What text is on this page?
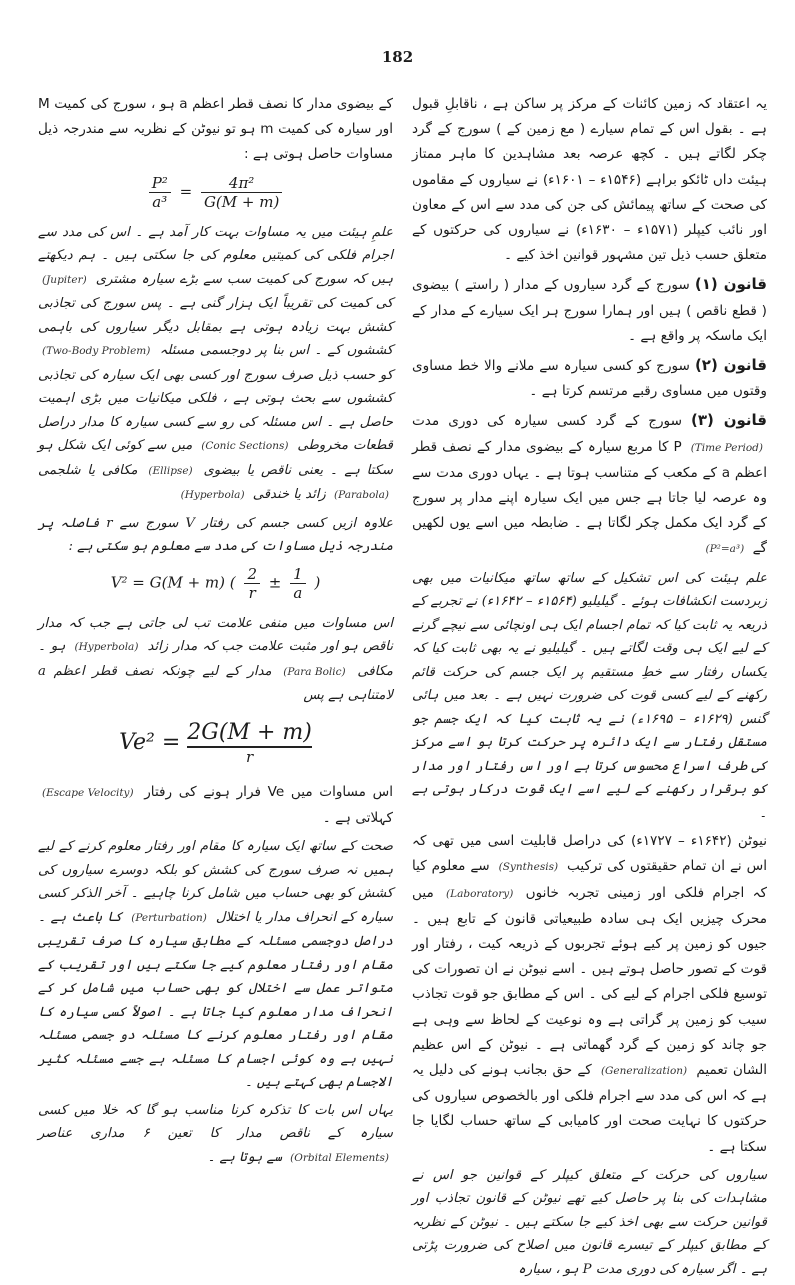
182

یہ اعتقاد کہ زمین کائنات کے مرکز پر ساکن ہے ، ناقابلِ قبول ہے ۔ بقول اس کے تمام سیارے ( مع زمین کے ) سورج کے گرد چکر لگاتے ہیں ۔ کچھ عرصہ بعد مشاہدین کا ماہر ممتاز ہیئت داں ٹائکو براہے (۱۵۴۶ء – ۱۶۰۱ء) نے سیاروں کے مقاموں کی صحت کے ساتھ پیمائش کی جن کی مدد سے اس کے معاون اور نائب کیپلر (۱۵۷۱ء – ۱۶۳۰ء) نے سیاروں کی حرکتوں کے متعلق حسب ذیل تین مشہور قوانین اخذ کیے ۔

قانون (۱) سورج کے گرد سیاروں کے مدار ( راستے ) بیضوی ( قطع ناقص ) ہیں اور ہمارا سورج ہر ایک سیارے کے مدار کے ایک ماسکہ پر واقع ہے ۔

قانون (۲) سورج کو کسی سیارہ سے ملانے والا خط مساوی وقتوں میں مساوی رقبے مرتسم کرتا ہے ۔

قانون (۳) سورج کے گرد کسی سیارہ کی دوری مدت (Time Period) P کا مربع سیارہ کے بیضوی مدار کے نصف قطر اعظم a کے مکعب کے متناسب ہوتا ہے ۔ یہاں دوری مدت سے وہ عرصہ لیا جاتا ہے جس میں ایک سیارہ اپنے مدار پر سورج کے گرد ایک مکمل چکر لگاتا ہے ۔ ضابطہ میں اسے یوں لکھیں گے (P²=a³)

علم ہیئت کی اس تشکیل کے ساتھ ساتھ میکانیات میں بھی زبردست انکشافات ہوئے ۔ گیلیلیو (۱۵۶۴ء – ۱۶۴۲ء) نے تجربے کے ذریعہ یہ ثابت کیا کہ تمام اجسام ایک ہی اونچائی سے نیچے گرنے کے لیے ایک ہی وقت لگاتے ہیں ۔ گیلیلیو نے یہ بھی ثابت کیا کہ یکساں رفتار سے خطِ مستقیم پر ایک جسم کی حرکت قائم رکھنے کے لیے کسی قوت کی ضرورت نہیں ہے ۔ بعد میں ہائی گنس (۱۶۲۹ء – ۱۶۹۵ء) نے یہ ثابت کیا کہ ایک جسم جو مستقل رفتار سے ایک دائرہ پر حرکت کرتا ہو اسے مرکز کی طرف اسراع محسوس کرتا ہے اور اس رفتار اور مدار کو برقرار رکھنے کے لیے اسے ایک قوت درکار ہوتی ہے ۔

نیوٹن (۱۶۴۲ء – ۱۷۲۷ء) کی دراصل قابلیت اسی میں تھی کہ اس نے ان تمام حقیقتوں کی ترکیب (Synthesis) سے معلوم کیا کہ اجرام فلکی اور زمینی تجربہ خانوں (Laboratory) میں محرک چیزیں ایک ہی سادہ طبیعیاتی قانون کے تابع ہیں ۔ جیوں کو زمین پر کیے ہوئے تجربوں کے ذریعہ کیت ، رفتار اور قوت کے تصور حاصل ہوتے ہیں ۔ اسے نیوٹن نے ان تصورات کی توسیع فلکی اجرام کے لیے کی ۔ اس کے مطابق جو قوت تجاذب سیب کو زمین پر گراتی ہے وہ نوعیت کے لحاظ سے وہی ہے جو چاند کو زمین کے گرد گھماتی ہے ۔ نیوٹن کے اس عظیم الشان تعمیم (Generalization) کے حق بجانب ہونے کی دلیل یہ ہے کہ اس کی مدد سے اجرام فلکی اور بالخصوص سیاروں کی حرکتوں کا نہایت صحت اور کامیابی کے ساتھ حساب لگایا جا سکتا ہے ۔

سیاروں کی حرکت کے متعلق کیپلر کے قوانین جو اس نے مشاہدات کی بنا پر حاصل کیے تھے نیوٹن کے قانون تجاذب اور قوانین حرکت سے بھی اخذ کیے جا سکتے ہیں ۔ نیوٹن کے نظریہ کے مطابق کیپلر کے تیسرے قانون میں اصلاح کی ضرورت پڑتی ہے ۔ اگر سیارہ کی دوری مدت P ہو ، سیارہ

کے بیضوی مدار کا نصف قطر اعظم a ہو ، سورج کی کمیت M اور سیارہ کی کمیت m ہو تو نیوٹن کے نظریہ سے مندرجہ ذیل مساوات حاصل ہوتی ہے :

$\frac{\text{P²}}{\text{a³}} = \frac{\text{4π²}}{G(M + m)}$

علمِ ہیئت میں یہ مساوات بہت کار آمد ہے ۔ اس کی مدد سے اجرام فلکی کی کمیتیں معلوم کی جا سکتی ہیں ۔ ہم دیکھتے ہیں کہ سورج کی کمیت سب سے بڑے سیارہ مشتری (Jupiter) کی کمیت کی تقریباً ایک ہزار گنی ہے ۔ پس سورج کی تجاذبی کشش بہت زیادہ ہوتی ہے بمقابل دیگر سیاروں کی باہمی کششوں کے ۔ اس بنا پر دوجسمی مسئلہ (Two-Body Problem) کو حسب ذیل صرف سورج اور کسی بھی ایک سیارہ کی تجاذبی کششوں سے بحث ہوتی ہے ، فلکی میکانیات میں بڑی اہمیت حاصل ہے ۔ اس مسئلہ کی رو سے کسی سیارہ کا مدار دراصل قطعات مخروطی (Conic Sections) میں سے کوئی ایک شکل ہو سکتا ہے ۔ یعنی ناقص یا بیضوی (Ellipse) مکافی یا شلجمی (Parabola) زائد یا خندقی (Hyperbola)

علاوہ ازیں کسی جسم کی رفتار V سورج سے r فاصلہ پر مندرجہ ذیل مساوات کی مدد سے معلوم ہو سکتی ہے :

V² = G(M + m) ( $\frac{2}{r} \pm \frac{1}{a}$ )

اس مساوات میں منفی علامت تب لی جاتی ہے جب کہ مدار ناقص ہو اور مثبت علامت جب کہ مدار زائد (Hyperbola) ہو ۔ مکافی (Para Bolic) مدار کے لیے چونکہ نصف قطر اعظم a لامتناہی ہے پس

$Ve^2 = \frac{2G(M + m)}{r}$

اس مساوات میں Ve فرار ہونے کی رفتار (Escape Velocity) کہلاتی ہے ۔

صحت کے ساتھ ایک سیارہ کا مقام اور رفتار معلوم کرنے کے لیے ہمیں نہ صرف سورج کی کشش کو بلکہ دوسرے سیاروں کی کشش کو بھی حساب میں شامل کرنا چاہیے ۔ آخر الذکر کسی سیارہ کے انحراف مدار یا اختلال (Perturbation) کا باعث ہے ۔ دراصل دوجسمی مسئلہ کے مطابق سیارہ کا صرف تقریبی مقام اور رفتار معلوم کیے جا سکتے ہیں اور تقریب کے متواتر عمل سے اختلال کو بھی حساب میں شامل کر کے انحراف مدار معلوم کیا جاتا ہے ۔ اصولاً کسی سیارہ کا مقام اور رفتار معلوم کرنے کا مسئلہ دو جسمی مسئلہ نہیں ہے وہ کوئی اجسام کا مسئلہ ہے جسے مسئلہ کثیر الاجسام بھی کہتے ہیں ۔

یہاں اس بات کا تذکرہ کرنا مناسب ہو گا کہ خلا میں کسی سیارہ کے ناقص مدار کا تعین ۶ مداری عناصر (Orbital Elements) سے ہوتا ہے ۔
